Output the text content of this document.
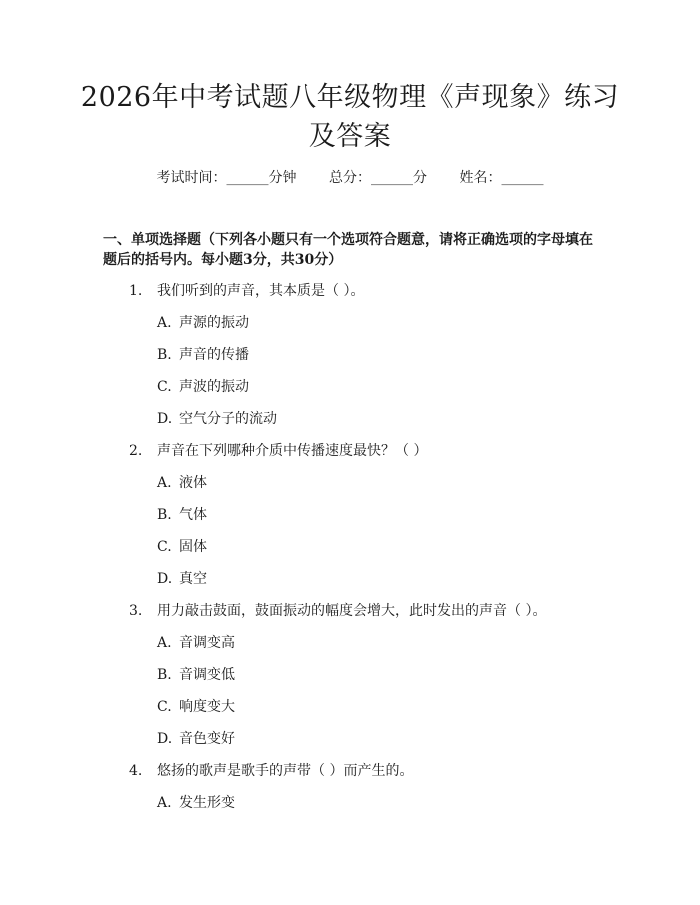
2026年中考试题八年级物理《声现象》练习
及答案
考试时间：______分钟 总分：______分 姓名：______
一、单项选择题（下列各小题只有一个选项符合题意，请将正确选项的字母填在题后的括号内。每小题3分，共30分）
1. 我们听到的声音，其本质是（ ）。
A. 声源的振动
B. 声音的传播
C. 声波的振动
D. 空气分子的流动
2. 声音在下列哪种介质中传播速度最快？（ ）
A. 液体
B. 气体
C. 固体
D. 真空
3. 用力敲击鼓面，鼓面振动的幅度会增大，此时发出的声音（ ）。
A. 音调变高
B. 音调变低
C. 响度变大
D. 音色变好
4. 悠扬的歌声是歌手的声带（ ）而产生的。
A. 发生形变
